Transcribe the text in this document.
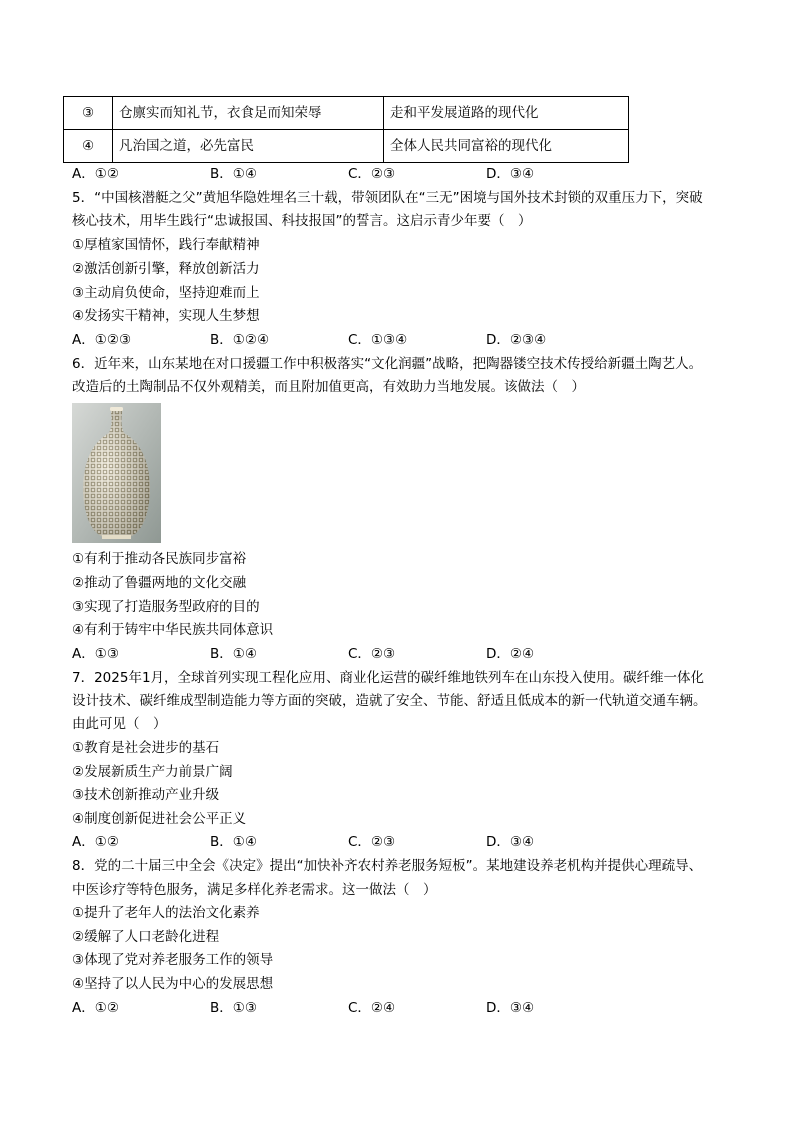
③	仓廪实而知礼节，衣食足而知荣辱	走和平发展道路的现代化
④	凡治国之道，必先富民	全体人民共同富裕的现代化
A．①②	B．①④	C．②③	D．③④
5．“中国核潜艇之父”黄旭华隐姓埋名三十载，带领团队在“三无”困境与国外技术封锁的双重压力下，突破
核心技术，用毕生践行“忠诚报国、科技报国”的誓言。这启示青少年要（　）
①厚植家国情怀，践行奉献精神
②激活创新引擎，释放创新活力
③主动肩负使命，坚持迎难而上
④发扬实干精神，实现人生梦想
A．①②③	B．①②④	C．①③④	D．②③④
6．近年来，山东某地在对口援疆工作中积极落实“文化润疆”战略，把陶器镂空技术传授给新疆土陶艺人。
改造后的土陶制品不仅外观精美，而且附加值更高，有效助力当地发展。该做法（　）
①有利于推动各民族同步富裕
②推动了鲁疆两地的文化交融
③实现了打造服务型政府的目的
④有利于铸牢中华民族共同体意识
A．①③	B．①④	C．②③	D．②④
7．2025年1月，全球首列实现工程化应用、商业化运营的碳纤维地铁列车在山东投入使用。碳纤维一体化
设计技术、碳纤维成型制造能力等方面的突破，造就了安全、节能、舒适且低成本的新一代轨道交通车辆。
由此可见（　）
①教育是社会进步的基石
②发展新质生产力前景广阔
③技术创新推动产业升级
④制度创新促进社会公平正义
A．①②	B．①④	C．②③	D．③④
8．党的二十届三中全会《决定》提出“加快补齐农村养老服务短板”。某地建设养老机构并提供心理疏导、
中医诊疗等特色服务，满足多样化养老需求。这一做法（　）
①提升了老年人的法治文化素养
②缓解了人口老龄化进程
③体现了党对养老服务工作的领导
④坚持了以人民为中心的发展思想
A．①②	B．①③	C．②④	D．③④
